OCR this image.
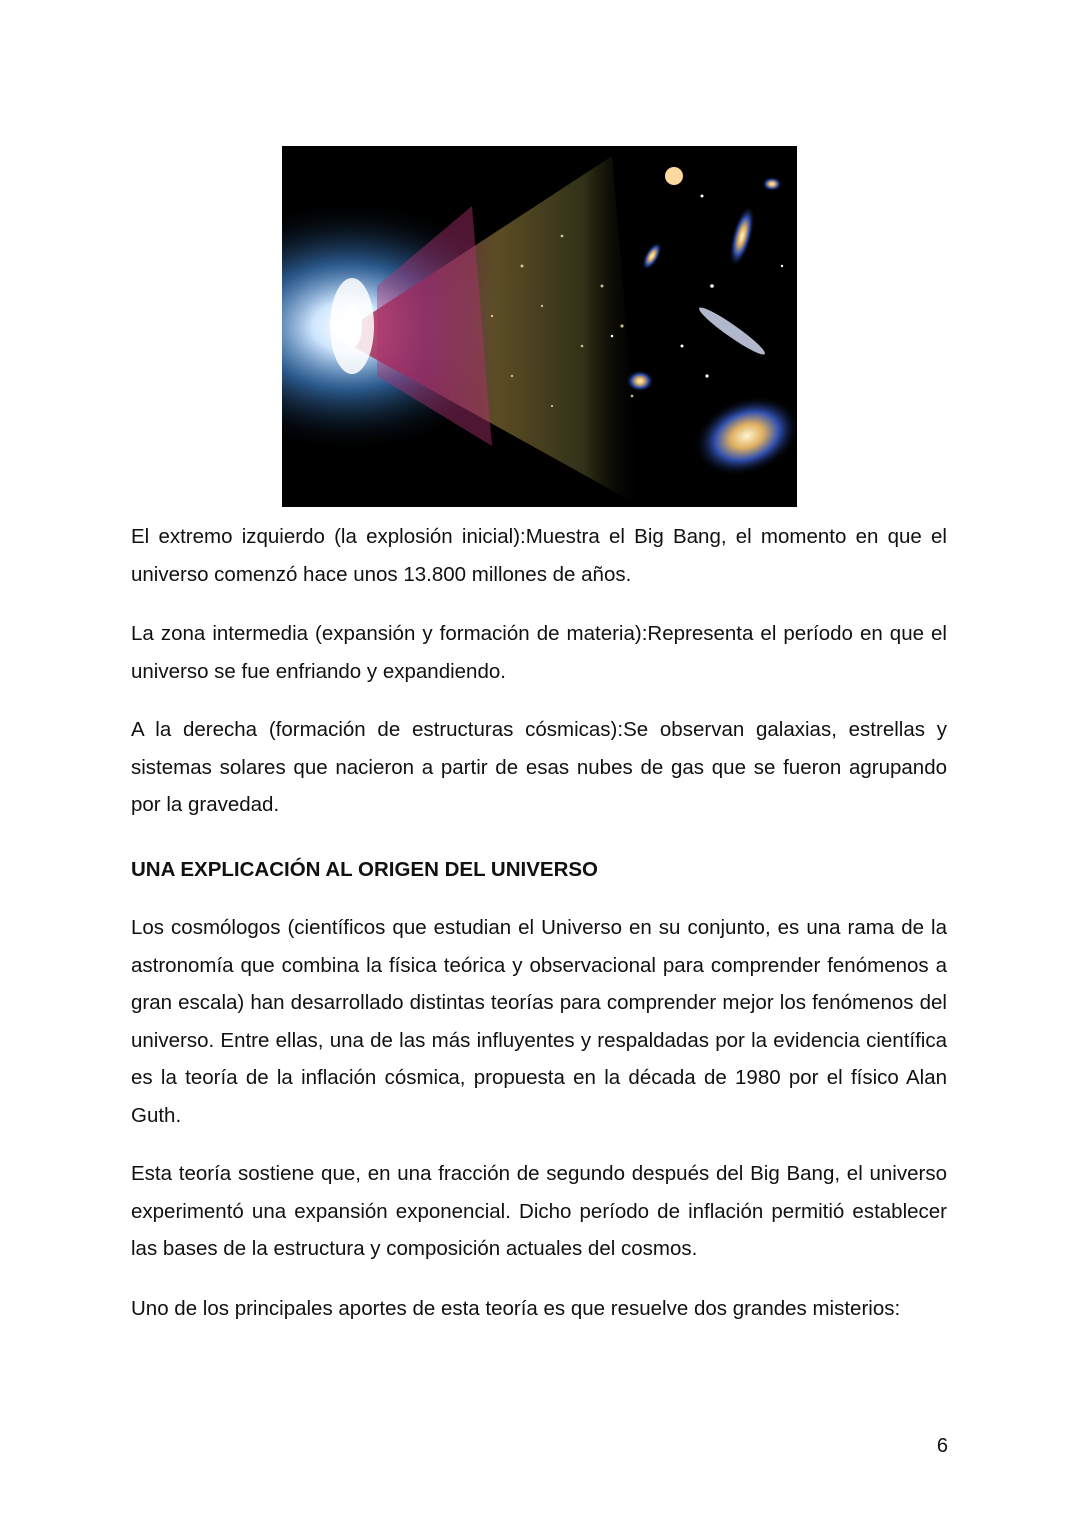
El extremo izquierdo (la explosión inicial):Muestra el Big Bang, el momento en que el universo comenzó hace unos 13.800 millones de años.

La zona intermedia (expansión y formación de materia):Representa el período en que el universo se fue enfriando y expandiendo.

A la derecha (formación de estructuras cósmicas):Se observan galaxias, estrellas y sistemas solares que nacieron a partir de esas nubes de gas que se fueron agrupando por la gravedad.

UNA EXPLICACIÓN AL ORIGEN DEL UNIVERSO

Los cosmólogos (científicos que estudian el Universo en su conjunto, es una rama de la astronomía que combina la física teórica y observacional para comprender fenómenos a gran escala) han desarrollado distintas teorías para comprender mejor los fenómenos del universo. Entre ellas, una de las más influyentes y respaldadas por la evidencia científica es la teoría de la inflación cósmica, propuesta en la década de 1980 por el físico Alan Guth.

Esta teoría sostiene que, en una fracción de segundo después del Big Bang, el universo experimentó una expansión exponencial. Dicho período de inflación permitió establecer las bases de la estructura y composición actuales del cosmos.

Uno de los principales aportes de esta teoría es que resuelve dos grandes misterios:

6
